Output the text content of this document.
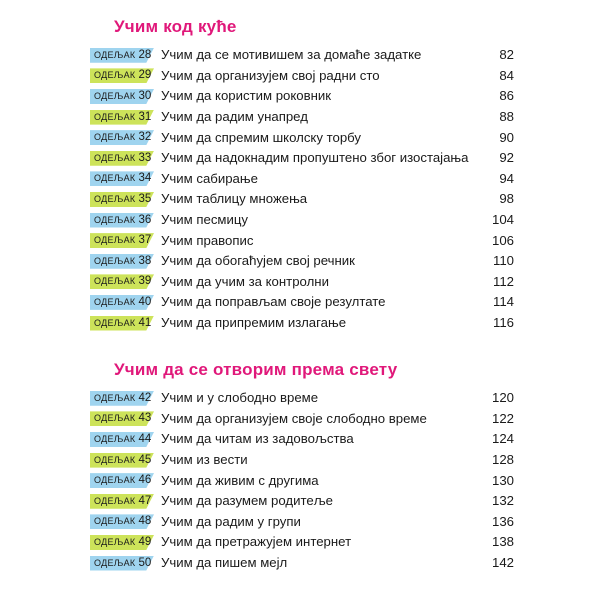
Учим код куће
ОДЕЉАК 28 Учим да се мотивишем за домаће задатке	82
ОДЕЉАК 29 Учим да организујем свој радни сто	84
ОДЕЉАК 30 Учим да користим роковник	86
ОДЕЉАК 31 Учим да радим унапред	88
ОДЕЉАК 32 Учим да спремим школску торбу	90
ОДЕЉАК 33 Учим да надокнадим пропуштено због изостајања	92
ОДЕЉАК 34 Учим сабирање	94
ОДЕЉАК 35 Учим таблицу множења	98
ОДЕЉАК 36 Учим песмицу	104
ОДЕЉАК 37 Учим правопис	106
ОДЕЉАК 38 Учим да обогаћујем свој речник	110
ОДЕЉАК 39 Учим да учим за контролни	112
ОДЕЉАК 40 Учим да поправљам своје резултате	114
ОДЕЉАК 41 Учим да припремим излагање	116
Учим да се отворим према свету
ОДЕЉАК 42 Учим и у слободно време	120
ОДЕЉАК 43 Учим да организујем своје слободно време	122
ОДЕЉАК 44 Учим да читам из задовољства	124
ОДЕЉАК 45 Учим из вести	128
ОДЕЉАК 46 Учим да живим с другима	130
ОДЕЉАК 47 Учим да разумем родитеље	132
ОДЕЉАК 48 Учим да радим у групи	136
ОДЕЉАК 49 Учим да претражујем интернет	138
ОДЕЉАК 50 Учим да пишем мејл	142
